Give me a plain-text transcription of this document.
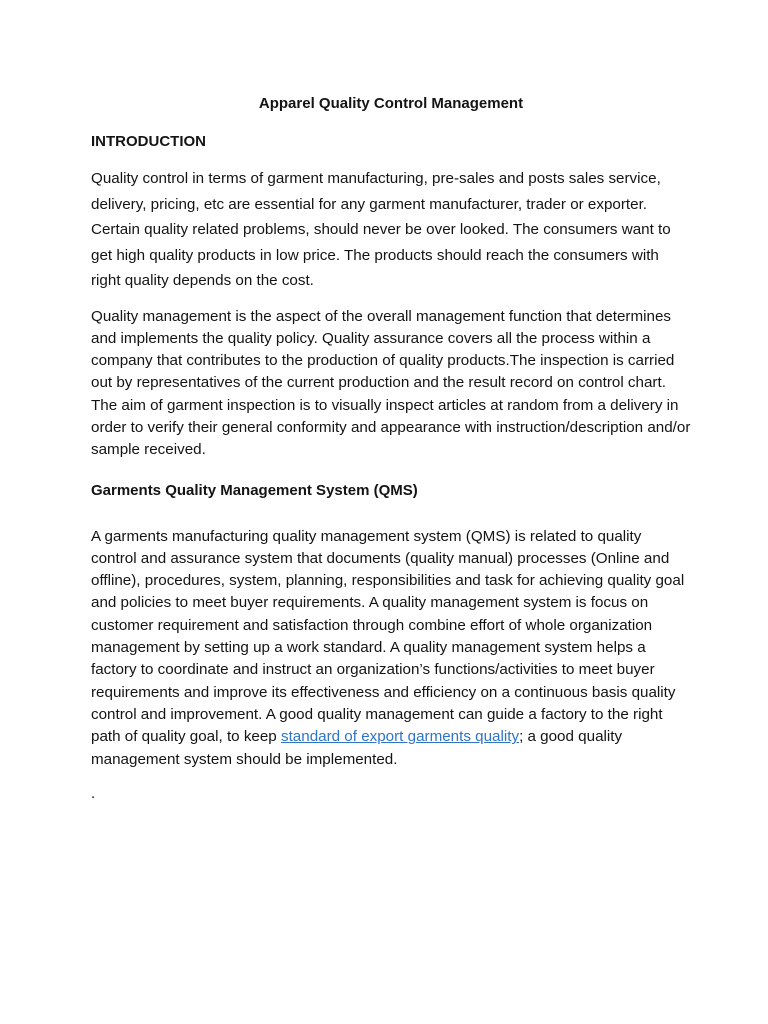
Apparel Quality Control Management
INTRODUCTION

Quality control in terms of garment manufacturing, pre-sales and posts sales service, delivery, pricing, etc are essential for any garment manufacturer, trader or exporter. Certain quality related problems, should never be over looked. The consumers want to get high quality products in low price. The products should reach the consumers with right quality depends on the cost.

Quality management is the aspect of the overall management function that determines and implements the quality policy. Quality assurance covers all the process within a company that contributes to the production of quality products.The inspection is carried out by representatives of the current production and the result record on control chart. The aim of garment inspection is to visually inspect articles at random from a delivery in order to verify their general conformity and appearance with instruction/description and/or sample received.

Garments Quality Management System (QMS)

A garments manufacturing quality management system (QMS) is related to quality control and assurance system that documents (quality manual) processes (Online and offline), procedures, system, planning, responsibilities and task for achieving quality goal and policies to meet buyer requirements. A quality management system is focus on customer requirement and satisfaction through combine effort of whole organization management by setting up a work standard. A quality management system helps a factory to coordinate and instruct an organization’s functions/activities to meet buyer requirements and improve its effectiveness and efficiency on a continuous basis quality control and improvement. A good quality management can guide a factory to the right path of quality goal, to keep standard of export garments quality; a good quality management system should be implemented.

.
